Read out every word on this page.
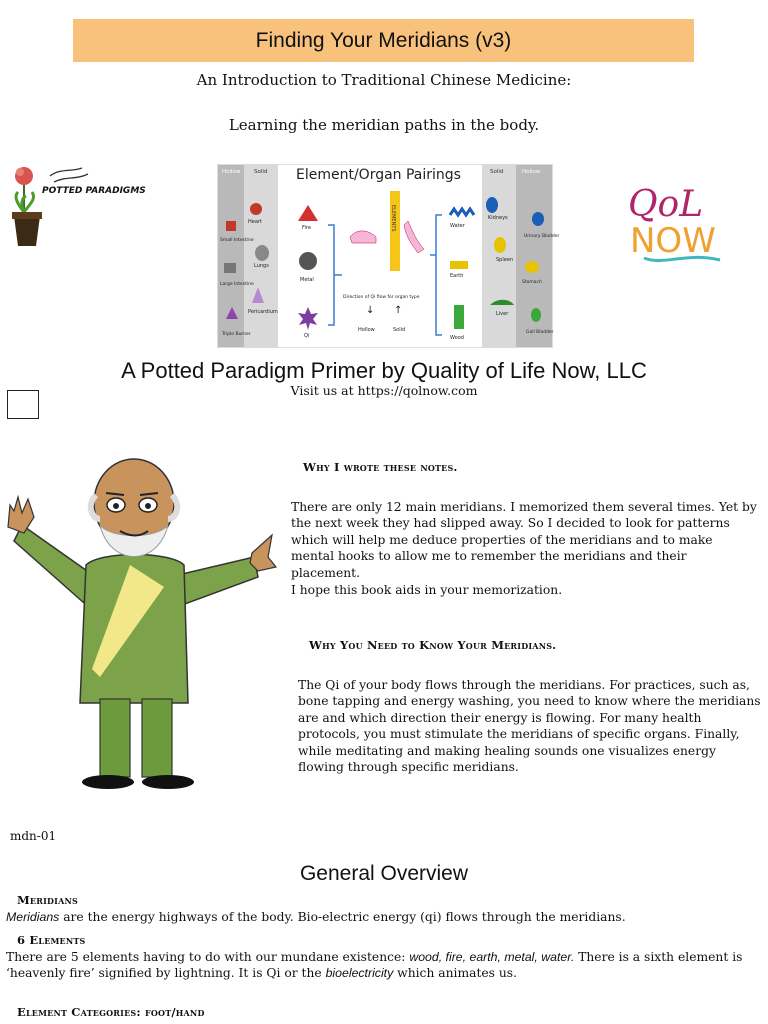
Finding Your Meridians (v3)
An Introduction to Traditional Chinese Medicine:
Learning the meridian paths in the body.
POTTED PARADIGMS
Hollow Solid	Solid	Hollow
Element/Organ Pairings
Heart
Small Intestine
Lungs
Large Intestine
Pericardium
Triple Burner
Fire
Metal
Qi
ELEMENTS
Direction of Qi flow for organ type
↓ ↑
Hollow	Solid
Water
Earth
Wood
Kidneys
Urinary Bladder
Spleen
Stomach
Liver
Gall Bladder
QoL
NOW
A Potted Paradigm Primer by Quality of Life Now, LLC
Visit us at https://qolnow.com
Why I wrote these notes.
There are only 12 main meridians. I memorized them several times. Yet by the next week they had slipped away. So I decided to look for patterns which will help me deduce properties of the meridians and to make mental hooks to allow me to remember the meridians and their placement.
I hope this book aids in your memorization.
Why You Need to Know Your Meridians.
The Qi of your body flows through the meridians. For practices, such as, bone tapping and energy washing, you need to know where the meridians are and which direction their energy is flowing. For many health protocols, you must stimulate the meridians of specific organs. Finally, while meditating and making healing sounds one visualizes energy flowing through specific meridians.
mdn-01
General Overview
Meridians
Meridians are the energy highways of the body. Bio-electric energy (qi) flows through the meridians.
6 Elements
There are 5 elements having to do with our mundane existence: wood, fire, earth, metal, water. There is a sixth element is
‘heavenly fire’ signified by lightning. It is Qi or the bioelectricity which animates us.
Element Categories: foot/hand
